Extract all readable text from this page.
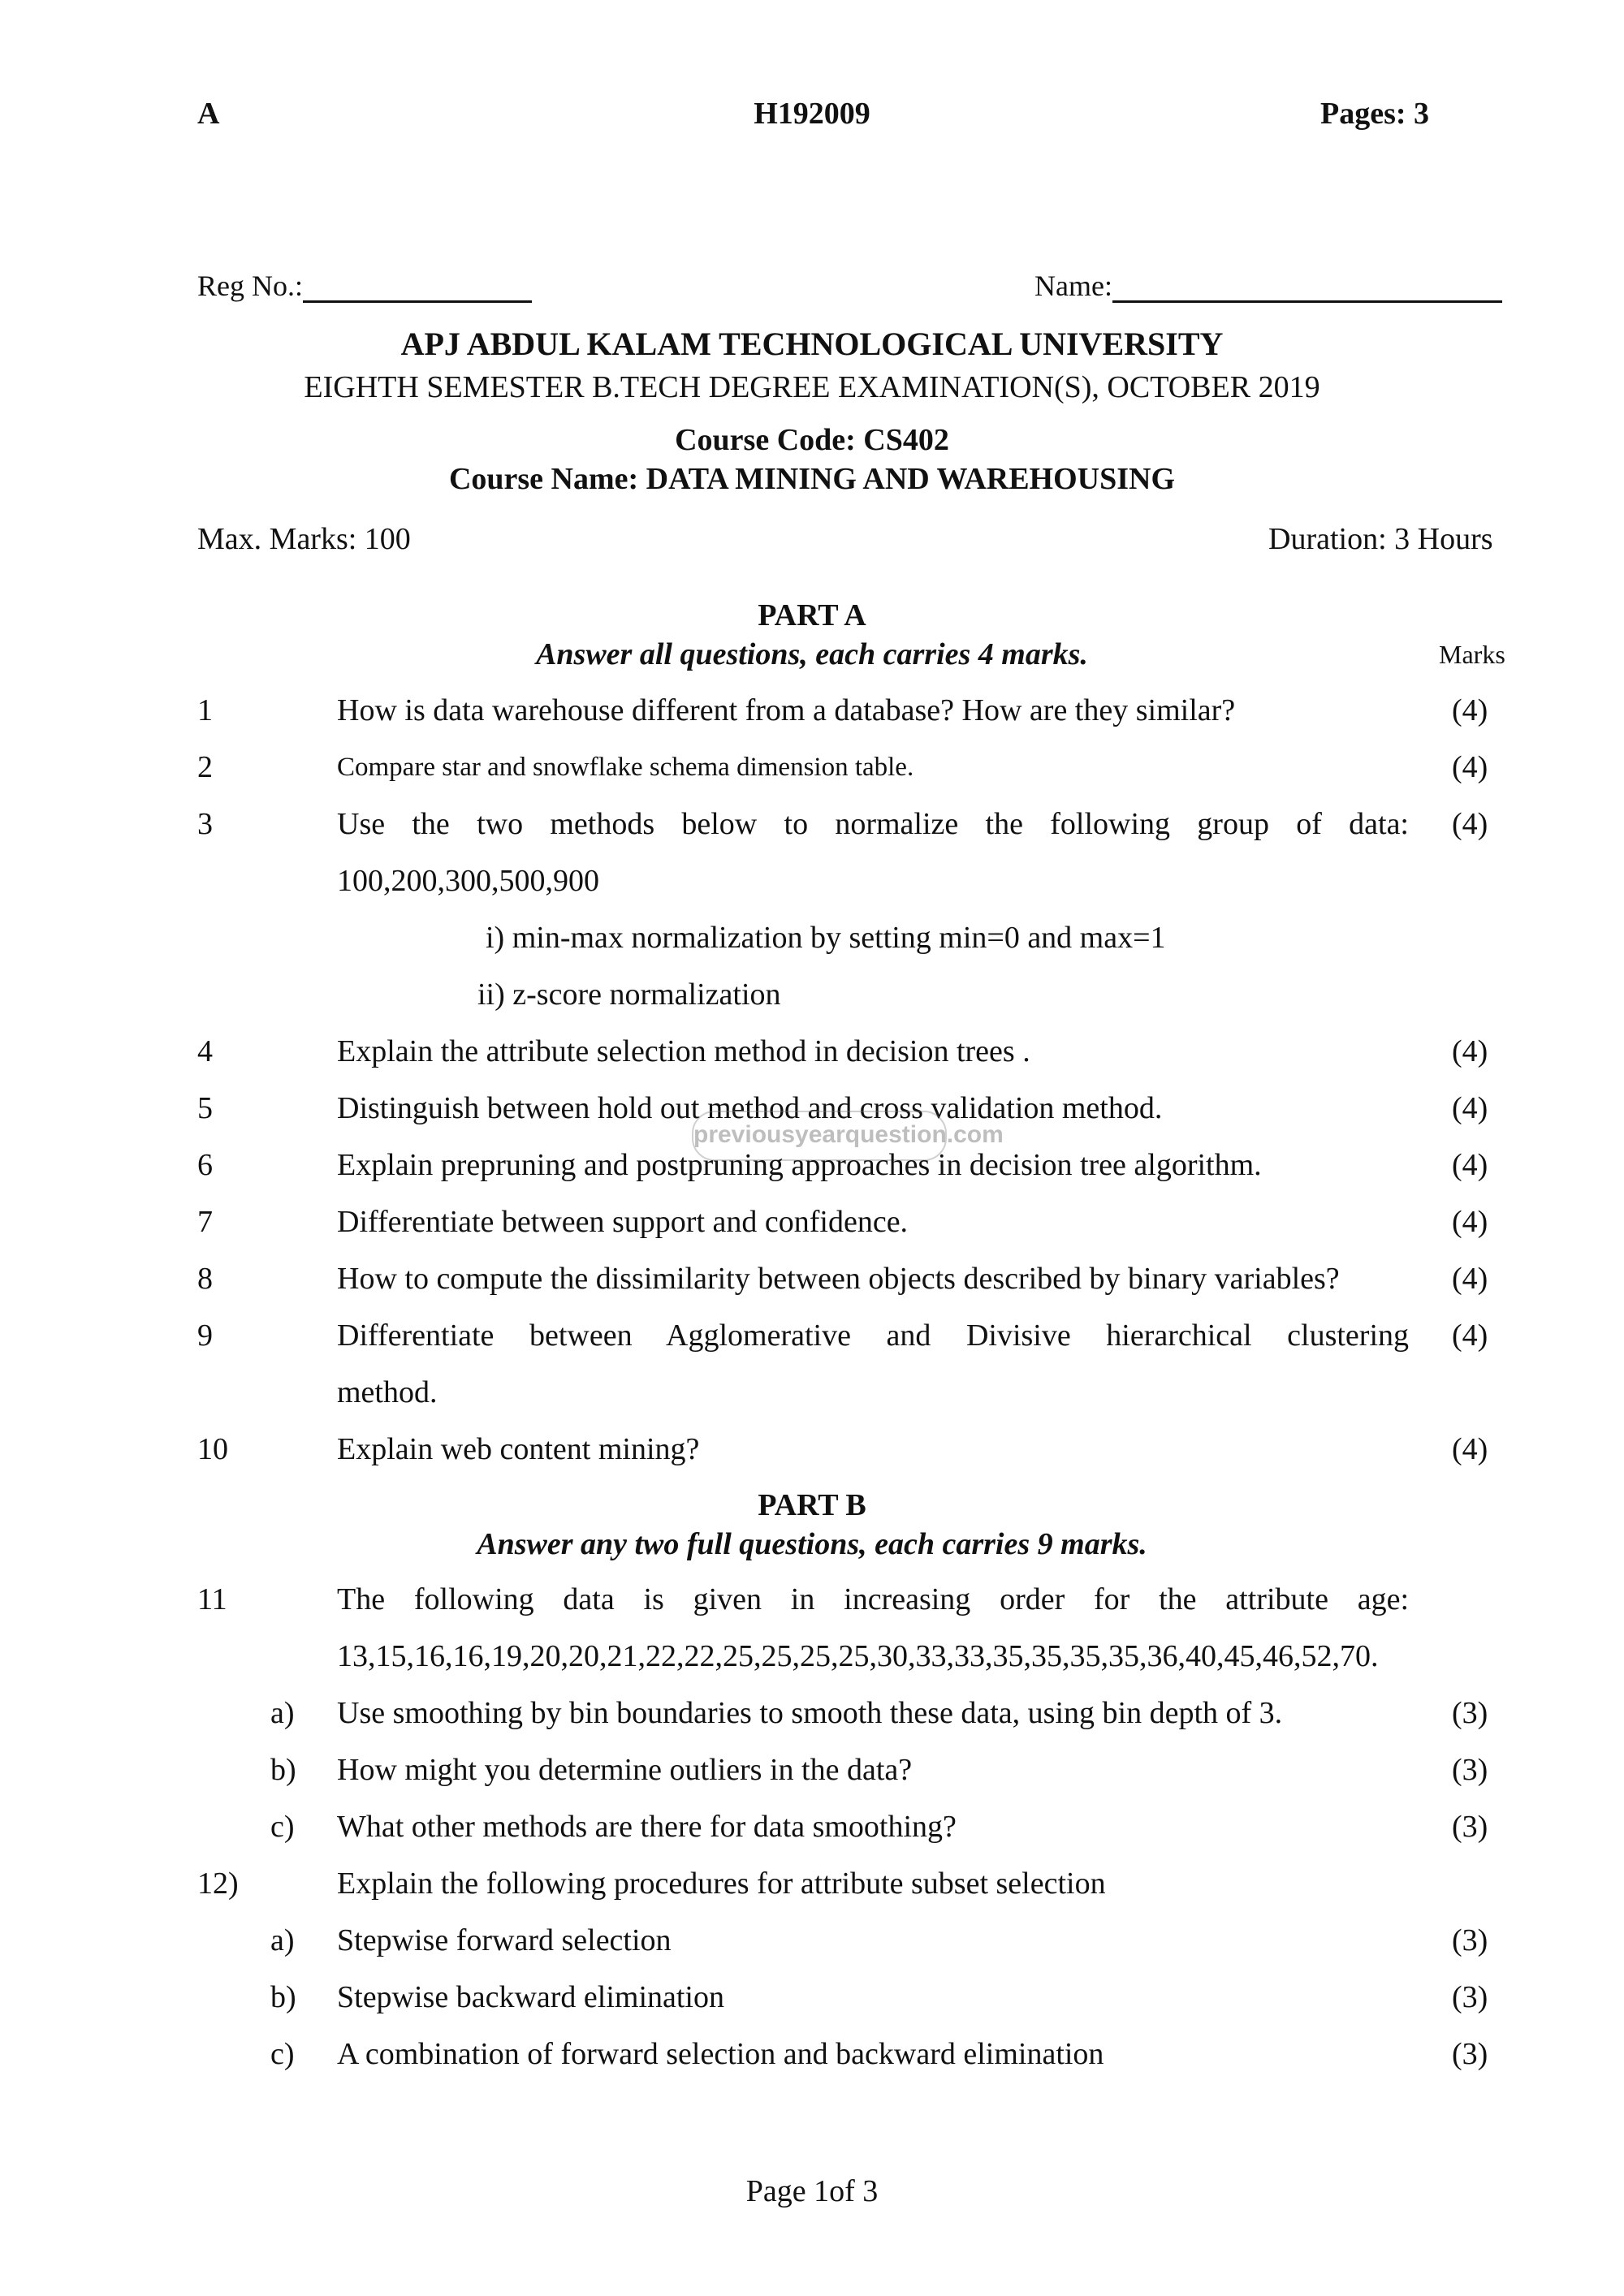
A	H192009	Pages: 3
Reg No.:	Name:
APJ ABDUL KALAM TECHNOLOGICAL UNIVERSITY
EIGHTH SEMESTER B.TECH DEGREE EXAMINATION(S), OCTOBER 2019
Course Code: CS402
Course Name: DATA MINING AND WAREHOUSING
Max. Marks: 100	Duration: 3 Hours
PART A
Answer all questions, each carries 4 marks.	Marks
1	How is data warehouse different from a database? How are they similar?	(4)
2	Compare star and snowflake schema dimension table.	(4)
3	Use the two methods below to normalize the following group of data: (4)
100,200,300,500,900
i) min-max normalization by setting min=0 and max=1
ii) z-score normalization
4	Explain the attribute selection method in decision trees .	(4)
5	Distinguish between hold out method and cross validation method.	(4)
previousyearquestion.com
6	Explain prepruning and postpruning approaches in decision tree algorithm.	(4)
7	Differentiate between support and confidence.	(4)
8	How to compute the dissimilarity between objects described by binary variables?	(4)
9	Differentiate between Agglomerative and Divisive hierarchical clustering (4)
method.
10	Explain web content mining?	(4)
PART B
Answer any two full questions, each carries 9 marks.
11	The following data is given in increasing order for the attribute age:
13,15,16,16,19,20,20,21,22,22,25,25,25,25,30,33,33,35,35,35,35,36,40,45,46,52,70.
a) Use smoothing by bin boundaries to smooth these data, using bin depth of 3.	(3)
b) How might you determine outliers in the data?	(3)
c) What other methods are there for data smoothing?	(3)
12)	Explain the following procedures for attribute subset selection
a) Stepwise forward selection	(3)
b) Stepwise backward elimination	(3)
c) A combination of forward selection and backward elimination	(3)
Page 1of 3
